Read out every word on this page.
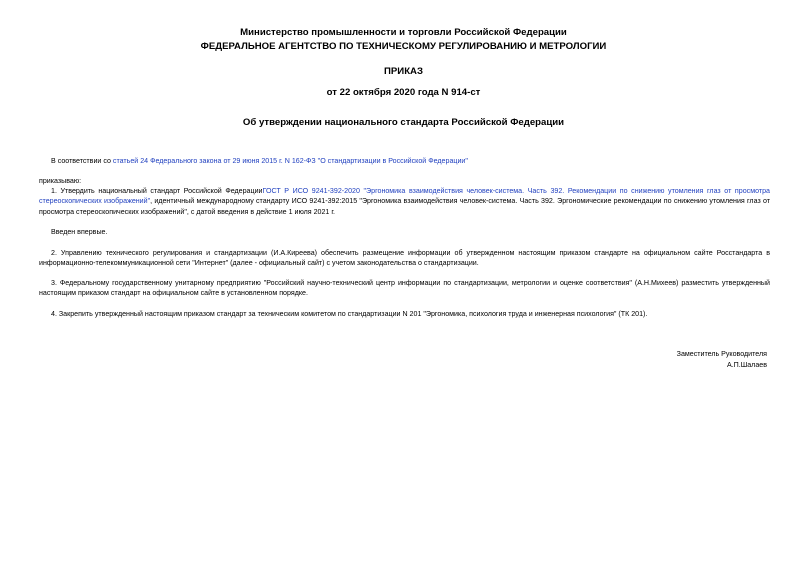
Министерство промышленности и торговли Российской Федерации
ФЕДЕРАЛЬНОЕ АГЕНТСТВО ПО ТЕХНИЧЕСКОМУ РЕГУЛИРОВАНИЮ И МЕТРОЛОГИИ
ПРИКАЗ
от 22 октября 2020 года N 914-ст
Об утверждении национального стандарта Российской Федерации
В соответствии со статьей 24 Федерального закона от 29 июня 2015 г. N 162-ФЗ "О стандартизации в Российской Федерации"
приказываю:
1. Утвердить национальный стандарт Российской ФедерацииГОСТ Р ИСО 9241-392-2020 "Эргономика взаимодействия человек-система. Часть 392. Рекомендации по снижению утомления глаз от просмотра стереоскопических изображений", идентичный международному стандарту ИСО 9241-392:2015 "Эргономика взаимодействия человек-система. Часть 392. Эргономические рекомендации по снижению утомления глаз от просмотра стереоскопических изображений", с датой введения в действие 1 июля 2021 г.
Введен впервые.
2. Управлению технического регулирования и стандартизации (И.А.Киреева) обеспечить размещение информации об утвержденном настоящим приказом стандарте на официальном сайте Росстандарта в информационно-телекоммуникационной сети "Интернет" (далее - официальный сайт) с учетом законодательства о стандартизации.
3. Федеральному государственному унитарному предприятию "Российский научно-технический центр информации по стандартизации, метрологии и оценке соответствия" (А.Н.Михеев) разместить утвержденный настоящим приказом стандарт на официальном сайте в установленном порядке.
4. Закрепить утвержденный настоящим приказом стандарт за техническим комитетом по стандартизации N 201 "Эргономика, психология труда и инженерная психология" (ТК 201).
Заместитель Руководителя
А.П.Шалаев
